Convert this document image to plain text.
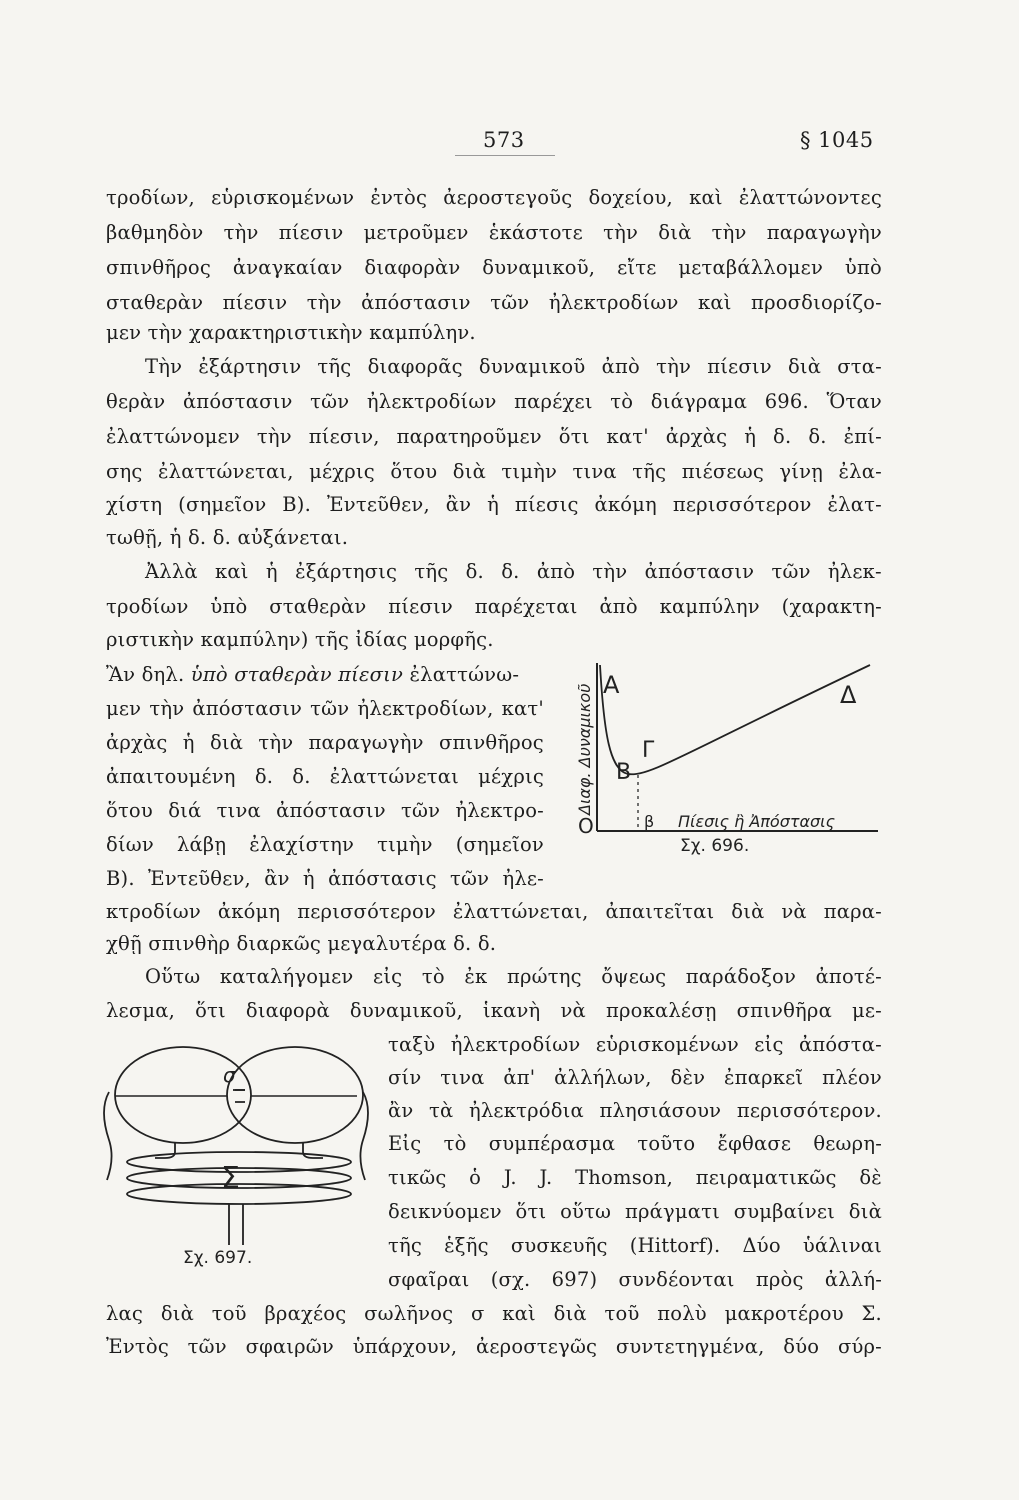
573	§ 1045
τροδίων, εὑρισκομένων ἐντὸς ἀεροστεγοῦς δοχείου, καὶ ἐλαττώνοντες
βαθμηδὸν τὴν πίεσιν μετροῦμεν ἑκάστοτε τὴν διὰ τὴν παραγωγὴν
σπινθῆρος ἀναγκαίαν διαφορὰν δυναμικοῦ, εἴτε μεταβάλλομεν ὑπὸ
σταθερὰν πίεσιν τὴν ἀπόστασιν τῶν ἠλεκτροδίων καὶ προσδιορίζο-
μεν τὴν χαρακτηριστικὴν καμπύλην.
Τὴν ἐξάρτησιν τῆς διαφορᾶς δυναμικοῦ ἀπὸ τὴν πίεσιν διὰ στα-
θερὰν ἀπόστασιν τῶν ἠλεκτροδίων παρέχει τὸ διάγραμα 696. Ὅταν
ἐλαττώνομεν τὴν πίεσιν, παρατηροῦμεν ὅτι κατ' ἀρχὰς ἡ δ. δ. ἐπί-
σης ἐλαττώνεται, μέχρις ὅτου διὰ τιμὴν τινα τῆς πιέσεως γίνῃ ἐλα-
χίστη (σημεῖον Β). Ἐντεῦθεν, ἂν ἡ πίεσις ἀκόμη περισσότερον ἐλατ-
τωθῇ, ἡ δ. δ. αὐξάνεται.
Ἀλλὰ καὶ ἡ ἐξάρτησις τῆς δ. δ. ἀπὸ τὴν ἀπόστασιν τῶν ἠλεκ-
τροδίων ὑπὸ σταθερὰν πίεσιν παρέχεται ἀπὸ καμπύλην (χαρακτη-
ριστικὴν καμπύλην) τῆς ἰδίας μορφῆς.
Ἂν δηλ.
ὑπὸ σταθερὰν πίεσιν
ἐλαττώνω-
μεν τὴν ἀπόστασιν τῶν ἠλεκτροδίων, κατ'
ἀρχὰς ἡ διὰ τὴν παραγωγὴν σπινθῆρος
ἀπαιτουμένη δ. δ. ἐλαττώνεται μέχρις
ὅτου διά τινα ἀπόστασιν τῶν ἠλεκτρο-
δίων λάβῃ ἐλαχίστην τιμὴν (σημεῖον
Β). Ἐντεῦθεν, ἂν ἡ ἀπόστασις τῶν ἠλε-
κτροδίων ἀκόμη περισσότερον ἐλαττώνεται, ἀπαιτεῖται διὰ νὰ παρα-
χθῇ σπινθὴρ διαρκῶς μεγαλυτέρα δ. δ.
Οὕτω καταλήγομεν εἰς τὸ ἐκ πρώτης ὄψεως παράδοξον ἀποτέ-
λεσμα, ὅτι διαφορὰ δυναμικοῦ, ἱκανὴ νὰ προκαλέσῃ σπινθῆρα με-
ταξὺ ἠλεκτροδίων εὑρισκομένων εἰς ἀπόστα-
σίν τινα ἀπ' ἀλλήλων, δὲν ἐπαρκεῖ πλέον
ἂν τὰ ἠλεκτρόδια πλησιάσουν περισσότερον.
Εἰς τὸ συμπέρασμα τοῦτο ἔφθασε θεωρη-
τικῶς ὁ J. J. Thomson, πειραματικῶς δὲ
δεικνύομεν ὅτι οὕτω πράγματι συμβαίνει διὰ
τῆς ἑξῆς συσκευῆς (Hittorf). Δύο ὑάλιναι
σφαῖραι (σχ. 697) συνδέονται πρὸς ἀλλή-
λας διὰ τοῦ βραχέος σωλῆνος σ καὶ διὰ τοῦ πολὺ μακροτέρου Σ.
Ἐντὸς τῶν σφαιρῶν ὑπάρχουν, ἀεροστεγῶς συντετηγμένα, δύο σύρ-
Διαφ. Δυναμικοῦ
O
Α
Β
Γ
Δ
β Πίεσις ἢ Ἀπόστασις
Σχ. 696.
σ
Σ
Σχ. 697.
